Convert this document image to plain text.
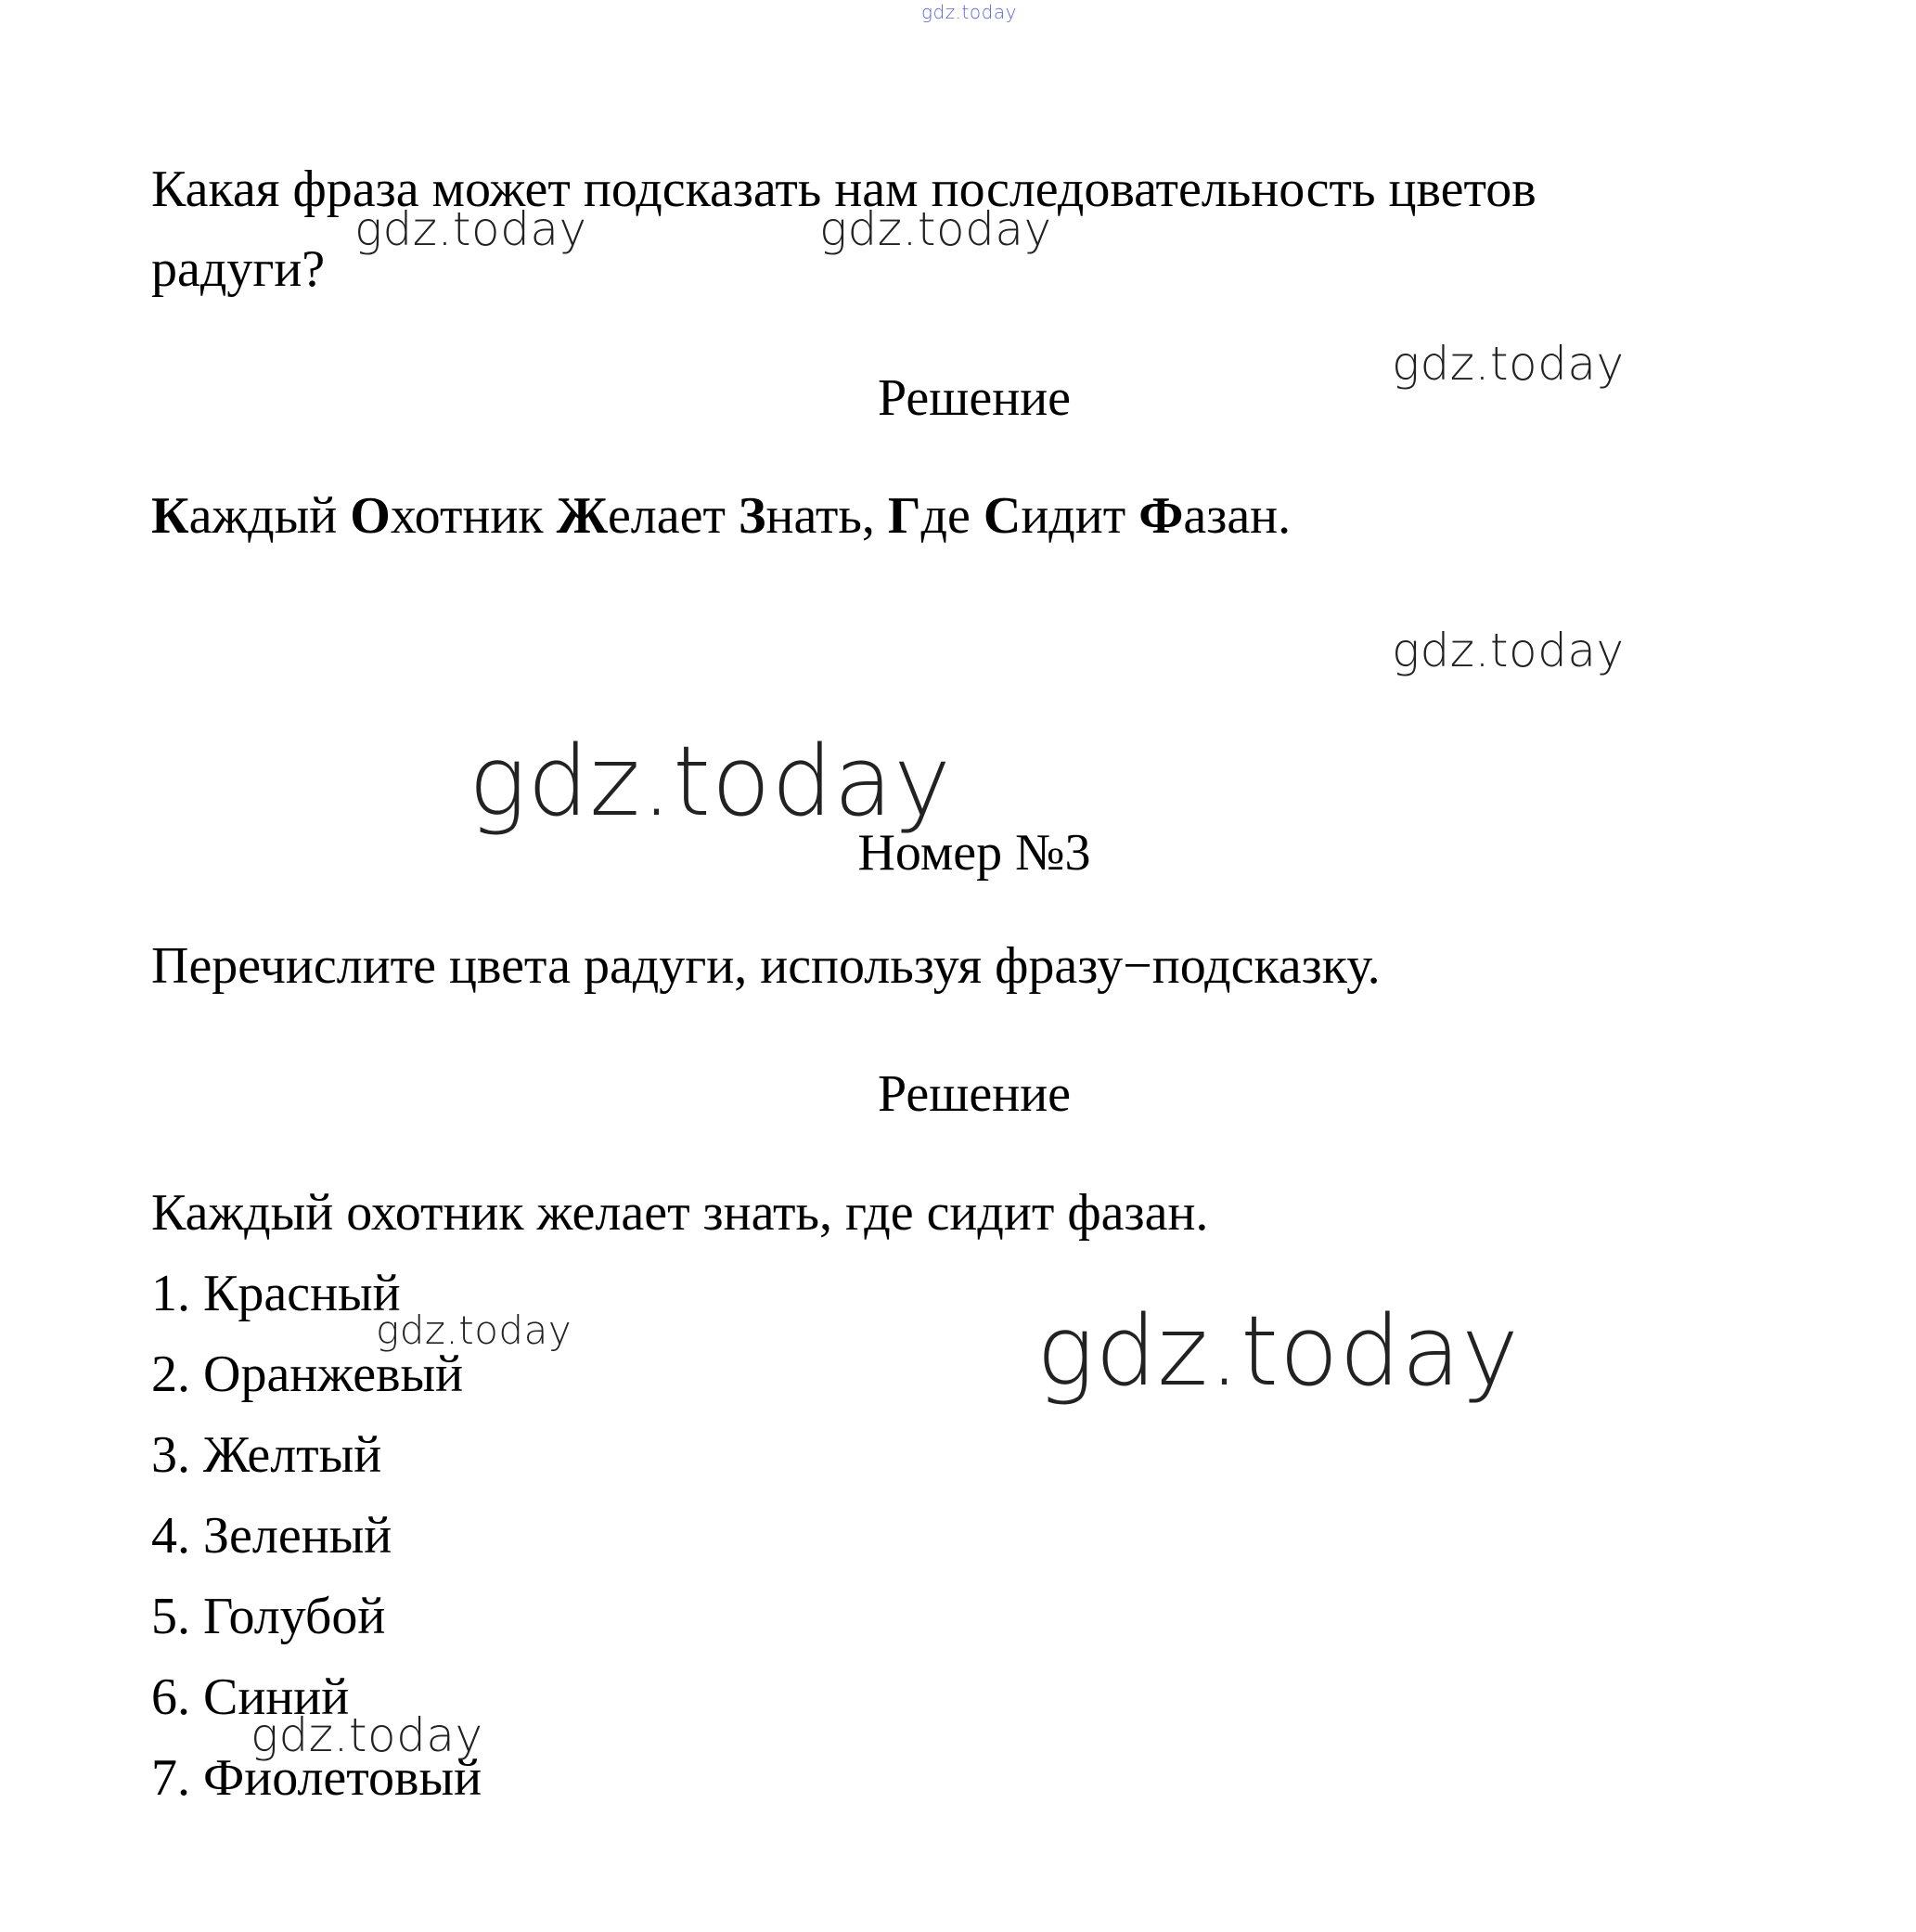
gdz.today
Какая фраза может подсказать нам последовательность цветов
радуги?
gdz.today	gdz.today
gdz.today
Решение
Каждый Охотник Желает Знать, Где Сидит Фазан.
gdz.today
gdz.today
Номер №3
Перечислите цвета радуги, используя фразу−подсказку.
Решение
Каждый охотник желает знать, где сидит фазан.
1. Красный
2. Оранжевый
3. Желтый
4. Зеленый
5. Голубой
6. Синий
7. Фиолетовый
gdz.today	gdz.today
gdz.today
